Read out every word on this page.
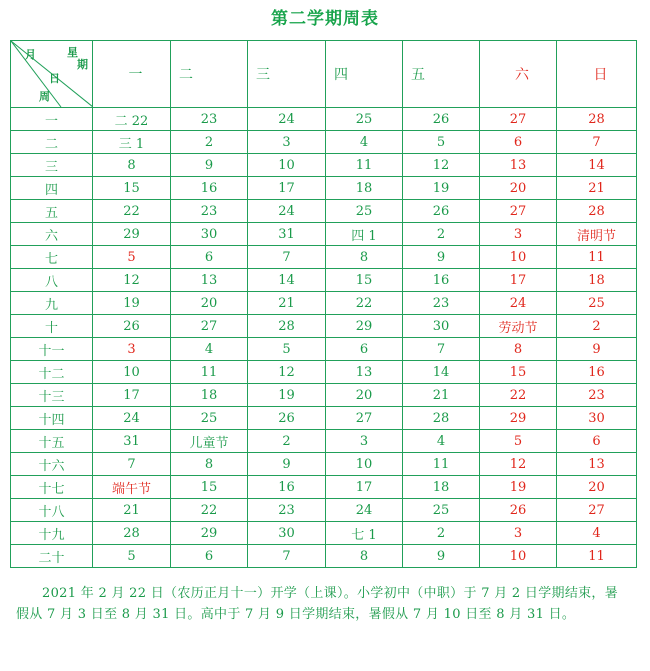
第二学期周表
星
期
月
日
周	一	二	三	四	五	六	日
一	二 22	23	24	25	26	27	28
二	三 1	2	3	4	5	6	7
三	8	9	10	11	12	13	14
四	15	16	17	18	19	20	21
五	22	23	24	25	26	27	28
六	29	30	31	四 1	2	3	清明节
七	5	6	7	8	9	10	11
八	12	13	14	15	16	17	18
九	19	20	21	22	23	24	25
十	26	27	28	29	30	劳动节	2
十一	3	4	5	6	7	8	9
十二	10	11	12	13	14	15	16
十三	17	18	19	20	21	22	23
十四	24	25	26	27	28	29	30
十五	31	儿童节	2	3	4	5	6
十六	7	8	9	10	11	12	13
十七	端午节	15	16	17	18	19	20
十八	21	22	23	24	25	26	27
十九	28	29	30	七 1	2	3	4
二十	5	6	7	8	9	10	11
2021 年 2 月 22 日（农历正月十一）开学（上课）。小学初中（中职）于 7 月 2 日学期结束，暑假从 7 月 3 日至 8 月 31 日。高中于 7 月 9 日学期结束，暑假从 7 月 10 日至 8 月 31 日。
